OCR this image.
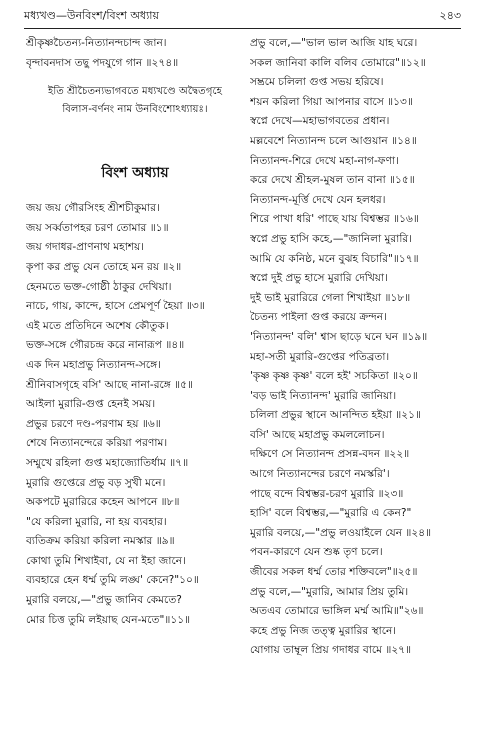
মধ্যখণ্ড—উনবিংশ/বিংশ অধ্যায়	২৪৩
শ্রীকৃষ্ণচৈতন্য-নিত্যানন্দচান্দ জান।
বৃন্দাবনদাস তছু পদযুগে গান ॥২৭৪॥
ইতি শ্রীচৈতন্যভাগবতে মধ্যখণ্ডে অদ্বৈতগৃহে
বিলাস-বর্ণনং নাম উনবিংশোঽধ্যায়ঃ।
বিংশ অধ্যায়
জয় জয় গৌরসিংহ শ্রীশচীকুমার।
জয় সর্ব্বতাপহর চরণ তোমার ॥১॥
জয় গদাধর-প্রাণনাথ মহাশয়।
কৃপা কর প্রভু যেন তোহে মন রয় ॥২॥
হেনমতে ভক্ত-গোষ্ঠী ঠাকুর দেখিয়া।
নাচে, গায়, কান্দে, হাসে প্রেমপূর্ণ হৈয়া ॥৩॥
এই মতে প্রতিদিনে অশেষ কৌতুক।
ভক্ত-সঙ্গে গৌরচন্দ্র করে নানারূপ ॥৪॥
এক দিন মহাপ্রভু নিত্যানন্দ-সঙ্গে।
শ্রীনিবাসগৃহে বসি' আছে নানা-রঙ্গে ॥৫॥
আইলা মুরারি-গুপ্ত হেনই সময়।
প্রভুর চরণে দণ্ড-পরণাম হয় ॥৬॥
শেষে নিত্যানন্দেরে করিয়া পরণাম।
সম্মুখে রহিলা গুপ্ত মহাজ্যোতির্ধাম ॥৭॥
মুরারি গুপ্তেরে প্রভু বড় সুখী মনে।
অকপটে মুরারিরে কহেন আপনে ॥৮॥
"যে করিলা মুরারি, না হয় ব্যবহার।
ব্যতিক্রম করিয়া করিলা নমস্কার ॥৯॥
কোথা তুমি শিখাইবা, যে না ইহা জানে।
ব্যবহারে হেন ধর্ম্ম তুমি লঙ্ঘ' কেনে?"১০॥
মুরারি বলয়ে,—"প্রভু জানিব কেমতে?
মোর চিত্ত তুমি লইয়াছ যেন-মতে"॥১১॥
প্রভু বলে,—"ভাল ভাল আজি যাহ ঘরে।
সকল জানিবা কালি বলিব তোমারে"॥১২॥
সম্ভ্রমে চলিলা গুপ্ত সভয় হরিষে।
শয়ন করিলা গিয়া আপনার বাসে ॥১৩॥
স্বপ্নে দেখে—মহাভাগবতের প্রধান।
মল্লবেশে নিত্যানন্দ চলে আগুয়ান ॥১৪॥
নিত্যানন্দ-শিরে দেখে মহা-নাগ-ফণা।
করে দেখে শ্রীহল-মুষল তান বানা ॥১৫॥
নিত্যানন্দ-মূর্ত্তি দেখে যেন হলধর।
শিরে পাখা ধরি' পাছে যায় বিশ্বম্ভর ॥১৬॥
স্বপ্নে প্রভু হাসি কহে,—"জানিলা মুরারি।
আমি যে কনিষ্ঠ, মনে বুঝহ বিচারি"॥১৭॥
স্বপ্নে দুই প্রভু হাসে মুরারি দেখিয়া।
দুই ভাই মুরারিরে গেলা শিখাইয়া ॥১৮॥
চৈতন্য পাইলা গুপ্ত করয়ে ক্রন্দন।
'নিত্যানন্দ' বলি' শ্বাস ছাড়ে ঘনে ঘন ॥১৯॥
মহা-সতী মুরারি-গুপ্তের পতিব্রতা।
'কৃষ্ণ কৃষ্ণ কৃষ্ণ' বলে হই' সচকিতা ॥২০॥
'বড় ভাই নিত্যানন্দ' মুরারি জানিয়া।
চলিলা প্রভুর স্থানে আনন্দিত হইয়া ॥২১॥
বসি' আছে মহাপ্রভু কমললোচন।
দক্ষিণে সে নিত্যানন্দ প্রসন্ন-বদন ॥২২॥
আগে নিত্যানন্দের চরণে নমস্করি'।
পাছে বন্দে বিশ্বম্ভর-চরণ মুরারি ॥২৩॥
হাসি' বলে বিশ্বম্ভর,—"মুরারি এ কেন?"
মুরারি বলয়ে,—"প্রভু লওয়াইলে যেন ॥২৪॥
পবন-কারণে যেন শুষ্ক তৃণ চলে।
জীবের সকল ধর্ম্ম তোর শক্তিবলে"॥২৫॥
প্রভু বলে,—"মুরারি, আমার প্রিয় তুমি।
অতএব তোমারে ভাঙ্গিল মর্ম্ম আমি॥"২৬॥
কহে প্রভু নিজ তত্ত্ব মুরারির স্থানে।
যোগায় তাম্বূল প্রিয় গদাধর বামে ॥২৭॥
